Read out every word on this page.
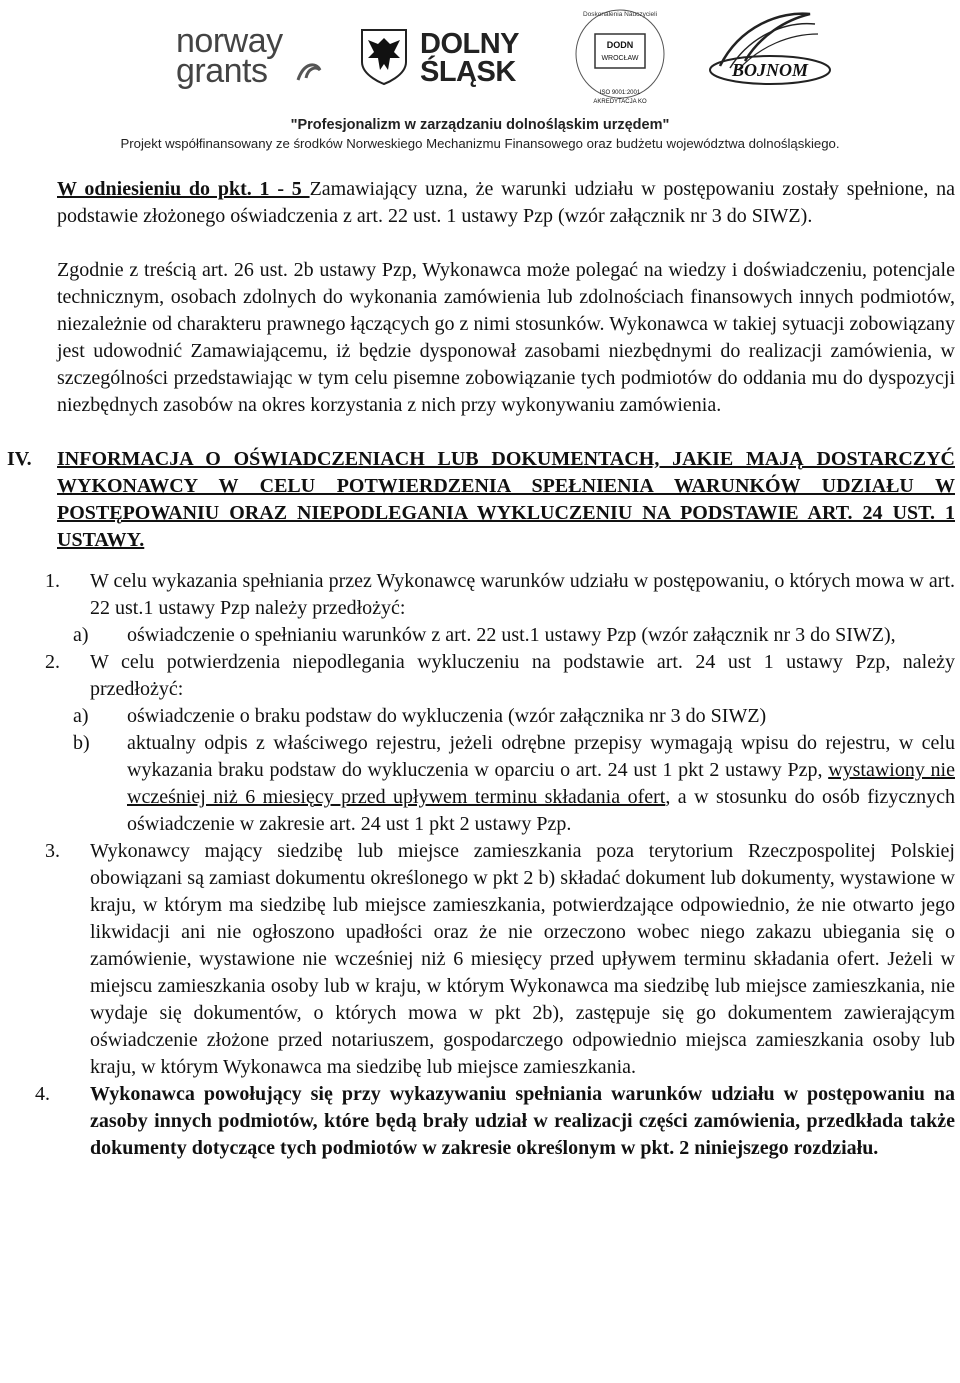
norway
grants
DOLNY
ŚLĄSK
DODN
WROCŁAW
ISO 9001:2001
AKREDYTACJA KO
Doskonalenia Nauczycieli
BOJNOM
"Profesjonalizm w zarządzaniu dolnośląskim urzędem"
Projekt współfinansowany ze środków Norweskiego Mechanizmu Finansowego oraz budżetu województwa dolnośląskiego.

W odniesieniu do pkt. 1 - 5 Zamawiający uzna, że warunki udziału w postępowaniu zostały spełnione, na podstawie złożonego oświadczenia z art. 22 ust. 1 ustawy Pzp (wzór załącznik nr 3 do SIWZ).

Zgodnie z treścią art. 26 ust. 2b ustawy Pzp, Wykonawca może polegać na wiedzy i doświadczeniu, potencjale technicznym, osobach zdolnych do wykonania zamówienia lub zdolnościach finansowych innych podmiotów, niezależnie od charakteru prawnego łączących go z nimi stosunków. Wykonawca w takiej sytuacji zobowiązany jest udowodnić Zamawiającemu, iż będzie dysponował zasobami niezbędnymi do realizacji zamówienia, w szczególności przedstawiając w tym celu pisemne zobowiązanie tych podmiotów do oddania mu do dyspozycji niezbędnych zasobów na okres korzystania z nich przy wykonywaniu zamówienia.

IV. INFORMACJA O OŚWIADCZENIACH LUB DOKUMENTACH, JAKIE MAJĄ DOSTARCZYĆ WYKONAWCY W CELU POTWIERDZENIA SPEŁNIENIA WARUNKÓW UDZIAŁU W POSTĘPOWANIU ORAZ NIEPODLEGANIA WYKLUCZENIU NA PODSTAWIE ART. 24 UST. 1 USTAWY.

1. W celu wykazania spełniania przez Wykonawcę warunków udziału w postępowaniu, o których mowa w art. 22 ust.1 ustawy Pzp należy przedłożyć:

a) oświadczenie o spełnianiu warunków z art. 22 ust.1 ustawy Pzp (wzór załącznik nr 3 do SIWZ),

2. W celu potwierdzenia niepodlegania wykluczeniu na podstawie art. 24 ust 1 ustawy Pzp, należy przedłożyć:

a) oświadczenie o braku podstaw do wykluczenia (wzór załącznika nr 3 do SIWZ)

b) aktualny odpis z właściwego rejestru, jeżeli odrębne przepisy wymagają wpisu do rejestru, w celu wykazania braku podstaw do wykluczenia w oparciu o art. 24 ust 1 pkt 2 ustawy Pzp, wystawiony nie wcześniej niż 6 miesięcy przed upływem terminu składania ofert, a w stosunku do osób fizycznych oświadczenie w zakresie art. 24 ust 1 pkt 2 ustawy Pzp.

3. Wykonawcy mający siedzibę lub miejsce zamieszkania poza terytorium Rzeczpospolitej Polskiej obowiązani są zamiast dokumentu określonego w pkt 2 b) składać dokument lub dokumenty, wystawione w kraju, w którym ma siedzibę lub miejsce zamieszkania, potwierdzające odpowiednio, że nie otwarto jego likwidacji ani nie ogłoszono upadłości oraz że nie orzeczono wobec niego zakazu ubiegania się o zamówienie, wystawione nie wcześniej niż 6 miesięcy przed upływem terminu składania ofert. Jeżeli w miejscu zamieszkania osoby lub w kraju, w którym Wykonawca ma siedzibę lub miejsce zamieszkania, nie wydaje się dokumentów, o których mowa w pkt 2b), zastępuje się go dokumentem zawierającym oświadczenie złożone przed notariuszem, gospodarczego odpowiednio miejsca zamieszkania osoby lub kraju, w którym Wykonawca ma siedzibę lub miejsce zamieszkania.

4. Wykonawca powołujący się przy wykazywaniu spełniania warunków udziału w postępowaniu na zasoby innych podmiotów, które będą brały udział w realizacji części zamówienia, przedkłada także dokumenty dotyczące tych podmiotów w zakresie określonym w pkt. 2 niniejszego rozdziału.
